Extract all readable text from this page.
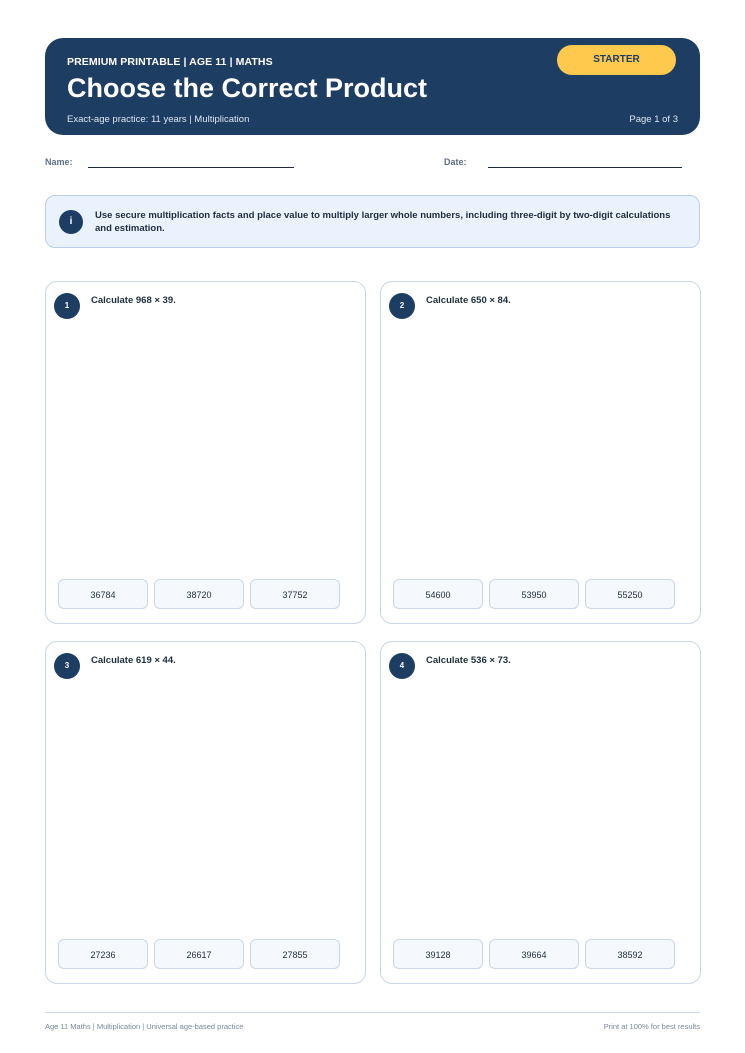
PREMIUM PRINTABLE | AGE 11 | MATHS
Choose the Correct Product
Exact-age practice: 11 years | Multiplication	Page 1 of 3
STARTER
Name:	Date:
i
Use secure multiplication facts and place value to multiply larger whole numbers, including three-digit by two-digit calculations and estimation.
1	Calculate 968 × 39.
36784	38720	37752
2	Calculate 650 × 84.
54600	53950	55250
3	Calculate 619 × 44.
27236	26617	27855
4	Calculate 536 × 73.
39128	39664	38592
Age 11 Maths | Multiplication | Universal age-based practice	Print at 100% for best results
